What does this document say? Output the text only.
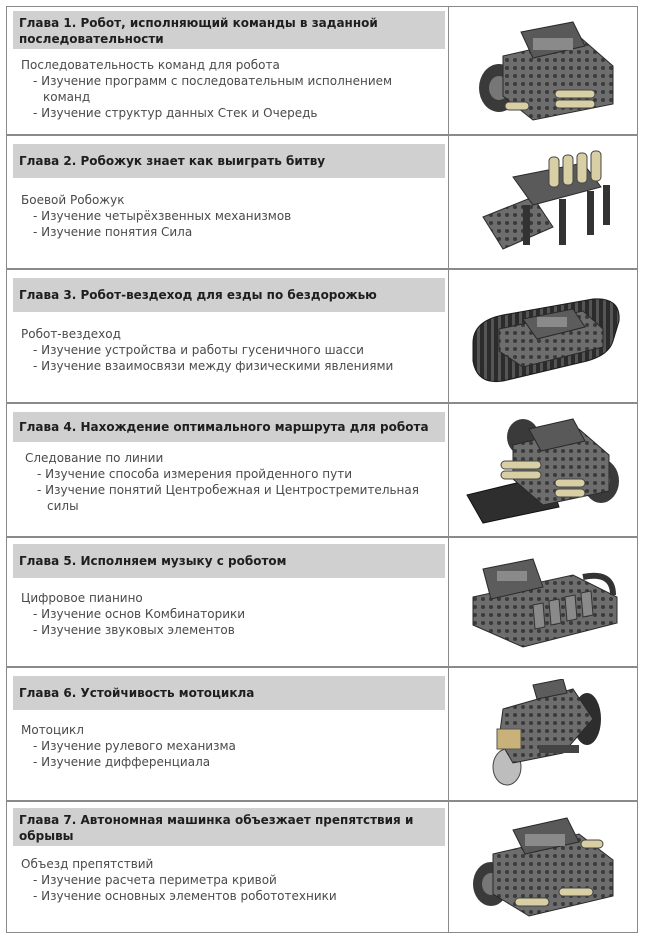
Глава 1. Робот, исполняющий команды в заданной последовательности

Последовательность команд для робота

- Изучение программ с последовательным исполнением команд
- Изучение структур данных Стек и Очередь
Глава 2. Робожук знает как выиграть битву

Боевой Робожук

- Изучение четырёхзвенных механизмов
- Изучение понятия Сила
Глава 3. Робот-вездеход для езды по бездорожью

Робот-вездеход

- Изучение устройства и работы гусеничного шасси
- Изучение взаимосвязи между физическими явлениями
Глава 4. Нахождение оптимального маршрута для робота

Следование по линии

- Изучение способа измерения пройденного пути
- Изучение понятий Центробежная и Центростремительная силы
Глава 5. Исполняем музыку с роботом

Цифровое пианино

- Изучение основ Комбинаторики
- Изучение звуковых элементов
Глава 6. Устойчивость мотоцикла

Мотоцикл

- Изучение рулевого механизма
- Изучение дифференциала
Глава 7. Автономная машинка объезжает препятствия и обрывы

Объезд препятствий

- Изучение расчета периметра кривой
- Изучение основных элементов робототехники
